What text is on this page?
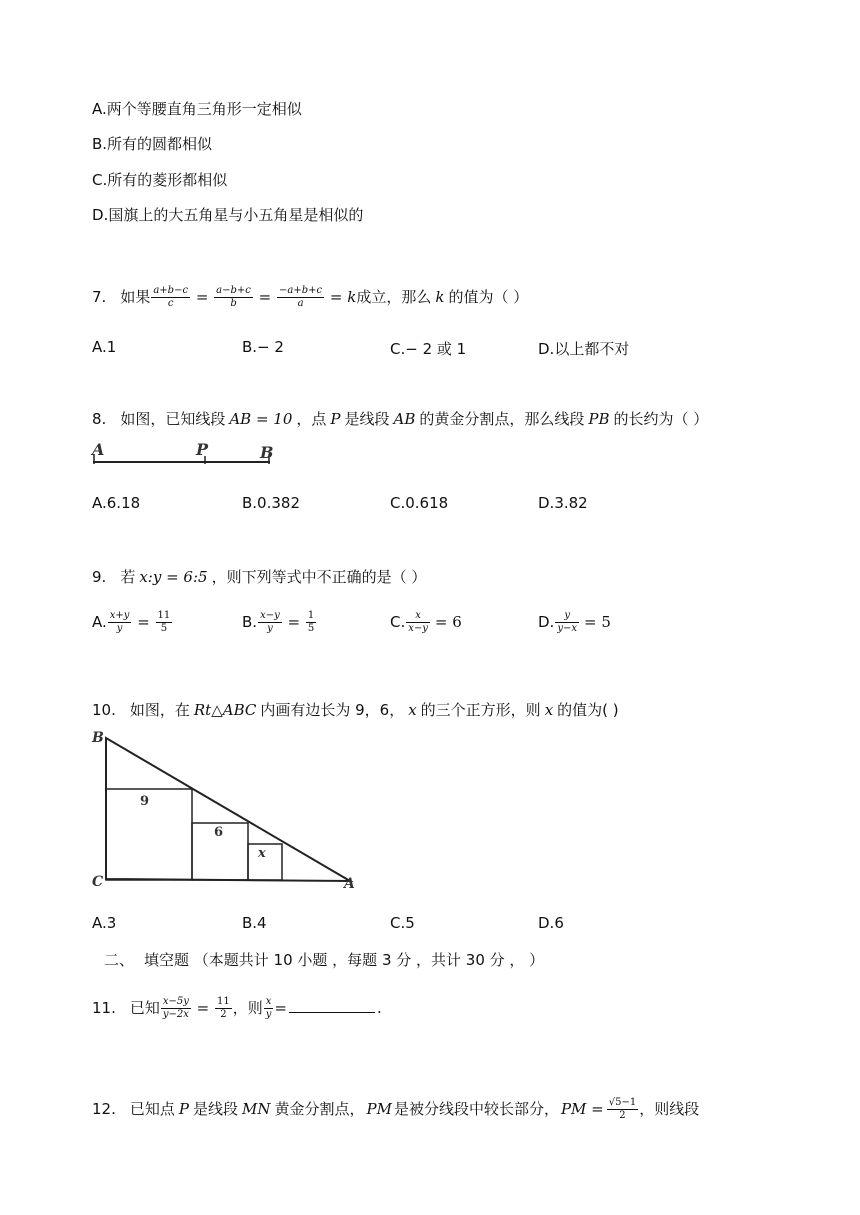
A.两个等腰直角三角形一定相似
B.所有的圆都相似
C.所有的菱形都相似
D.国旗上的大五角星与小五角星是相似的
7. 如果 $\frac{a+b-c}{c} = \frac{a-b+c}{b} = \frac{-a+b+c}{a} = k$成立，那么 k 的值为（ ）
A.1	B.− 2	C.− 2 或 1	D.以上都不对
8. 如图，已知线段 AB = 10 ，点 P 是线段 AB 的黄金分割点，那么线段 PB 的长约为（ ）
A	P	B
A.6.18	B.0.382	C.0.618	D.3.82
9. 若 x:y = 6:5 ，则下列等式中不正确的是（ ）
A. $\frac{x+y}{y} = \frac{11}{5}$	B. $\frac{x-y}{y} = \frac{1}{5}$	C. $\frac{x}{x-y} = 6$	D. $\frac{y}{y-x} = 5$
10. 如图，在 Rt△ABC 内画有边长为 9，6， x 的三个正方形，则 x 的值为( )
B
C	A
9
6
x
A.3	B.4	C.5	D.6
二、 填空题 （本题共计 10 小题 ，每题 3 分 ，共计 30 分 ， ）
11. 已知 $\frac{x-5y}{y-2x} = \frac{11}{2}$ ，则 $\frac{x}{y}$ =	.
12. 已知点 P 是线段 MN 黄金分割点， PM 是被分线段中较长部分， PM = $\frac{√5-1}{2}$ ，则线段
